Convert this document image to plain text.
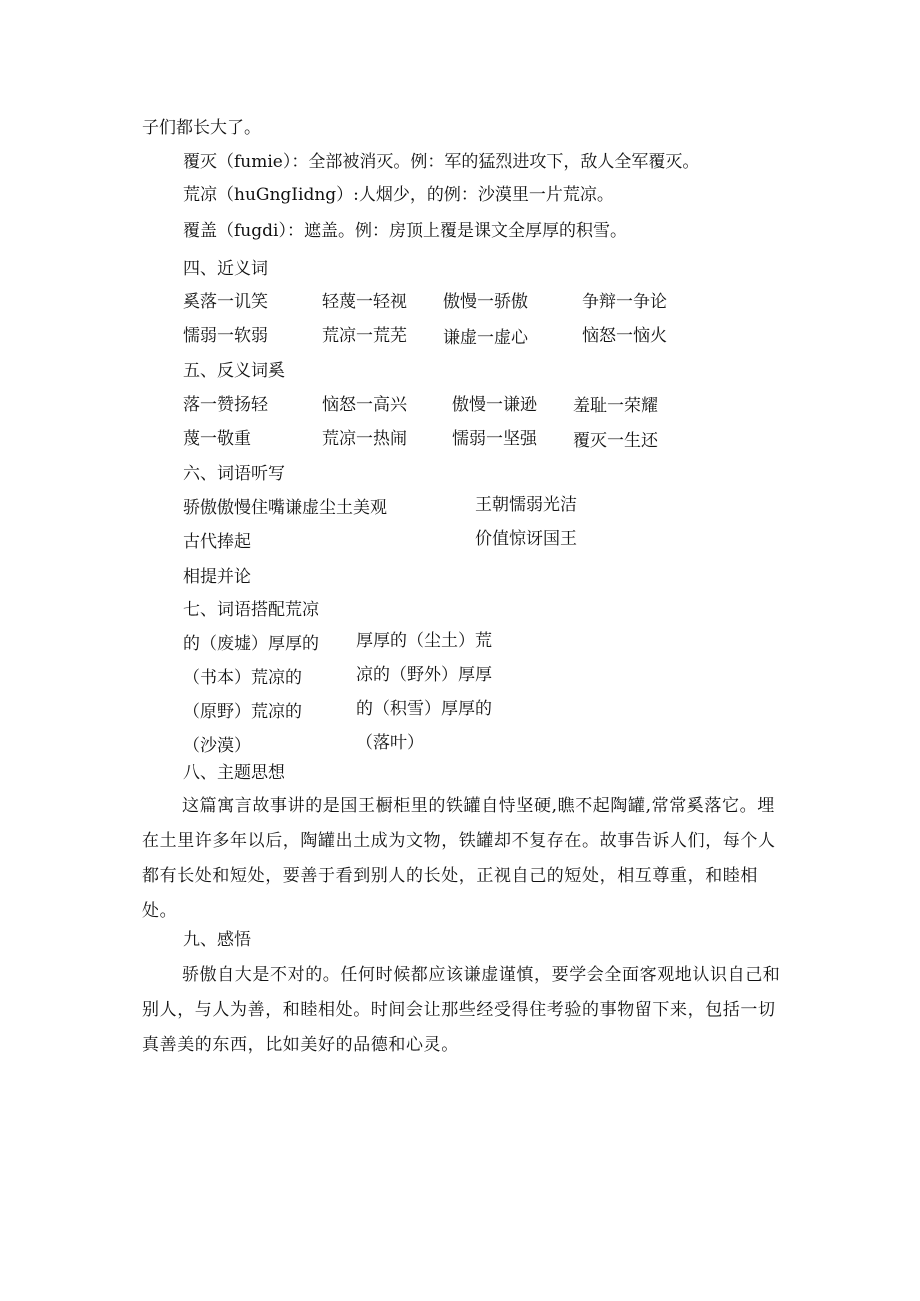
子们都长大了。
覆灭（fumie）：全部被消灭。例：军的猛烈进攻下，敌人全军覆灭。
荒凉（huGngIidng）:人烟少，的例：沙漠里一片荒凉。
覆盖（fugdi）：遮盖。例：房顶上覆是课文全厚厚的积雪。
四、近义词
奚落一讥笑	轻蔑一轻视 傲慢一骄傲	争辩一争论
懦弱一软弱	荒凉一荒芜 谦虚一虚心	恼怒一恼火
五、反义词奚
落一赞扬轻	恼怒一高兴	傲慢一谦逊 羞耻一荣耀
蔑一敬重	荒凉一热闹	懦弱一坚强 覆灭一生还
六、词语听写
骄傲傲慢住嘴谦虚尘土美观	王朝懦弱光洁
古代捧起	价值惊讶国王
相提并论
七、词语搭配荒凉
的（废墟）厚厚的 厚厚的（尘土）荒
（书本）荒凉的	凉的（野外）厚厚
（原野）荒凉的	的（积雪）厚厚的
（沙漠）	（落叶）
八、主题思想
这篇寓言故事讲的是国王橱柜里的铁罐自恃坚硬,瞧不起陶罐,常常奚落它。埋在土里许多年以后，陶罐出土成为文物，铁罐却不复存在。故事告诉人们，每个人都有长处和短处，要善于看到别人的长处，正视自己的短处，相互尊重，和睦相处。
九、感悟
骄傲自大是不对的。任何时候都应该谦虚谨慎，要学会全面客观地认识自己和别人，与人为善，和睦相处。时间会让那些经受得住考验的事物留下来，包括一切真善美的东西，比如美好的品德和心灵。
